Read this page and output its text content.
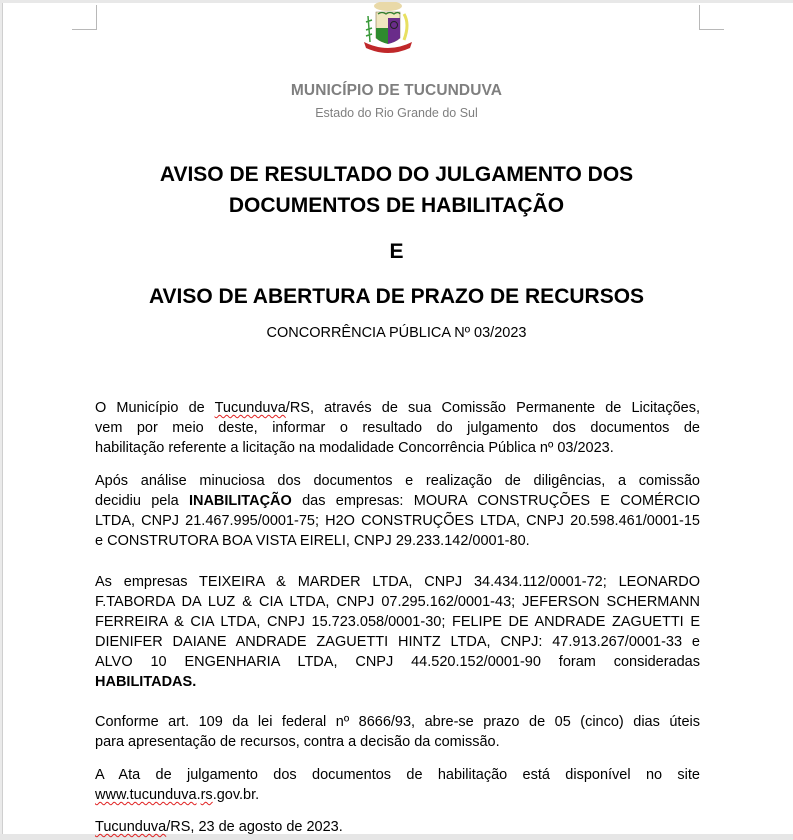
MUNICÍPIO DE TUCUNDUVA
Estado do Rio Grande do Sul
AVISO DE RESULTADO DO JULGAMENTO DOS
DOCUMENTOS DE HABILITAÇÃO
E
AVISO DE ABERTURA DE PRAZO DE RECURSOS
CONCORRÊNCIA PÚBLICA Nº 03/2023
O Município de Tucunduva/RS, através de sua Comissão Permanente de Licitações,
vem por meio deste, informar o resultado do julgamento dos documentos de
habilitação referente a licitação na modalidade Concorrência Pública nº 03/2023.
Após análise minuciosa dos documentos e realização de diligências, a comissão
decidiu pela INABILITAÇÃO das empresas: MOURA CONSTRUÇÕES E COMÉRCIO
LTDA, CNPJ 21.467.995/0001-75; H2O CONSTRUÇÕES LTDA, CNPJ 20.598.461/0001-15
e CONSTRUTORA BOA VISTA EIRELI, CNPJ 29.233.142/0001-80.
As empresas TEIXEIRA & MARDER LTDA, CNPJ 34.434.112/0001-72; LEONARDO
F.TABORDA DA LUZ & CIA LTDA, CNPJ 07.295.162/0001-43; JEFERSON SCHERMANN
FERREIRA & CIA LTDA, CNPJ 15.723.058/0001-30; FELIPE DE ANDRADE ZAGUETTI E
DIENIFER DAIANE ANDRADE ZAGUETTI HINTZ LTDA, CNPJ: 47.913.267/0001-33 e
ALVO 10 ENGENHARIA LTDA, CNPJ 44.520.152/0001-90 foram consideradas
HABILITADAS.
Conforme art. 109 da lei federal nº 8666/93, abre-se prazo de 05 (cinco) dias úteis
para apresentação de recursos, contra a decisão da comissão.
A Ata de julgamento dos documentos de habilitação está disponível no site
www.tucunduva.rs.gov.br.
Tucunduva/RS, 23 de agosto de 2023.
